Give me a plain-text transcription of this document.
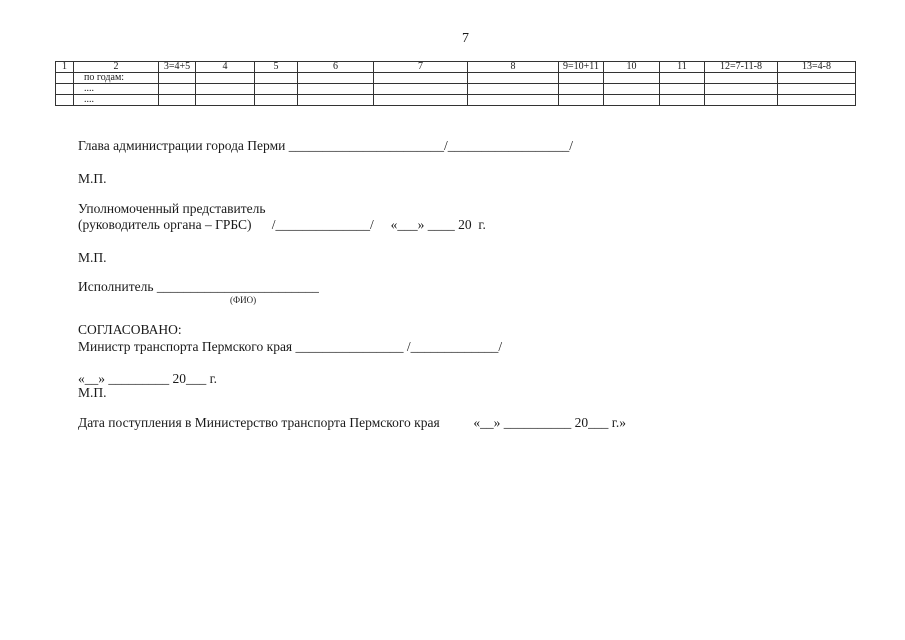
7
1	2	3=4+5	4	5	6	7	8	9=10+11	10	11	12=7-11-8	13=4-8
	по годам:											
	....											
	....											
Глава администрации города Перми _______________________/__________________/
М.П.
Уполномоченный представитель
(руководитель органа – ГРБС)      /______________/     «___» ____ 20  г.
М.П.
Исполнитель ________________________
(ФИО)
СОГЛАСОВАНО:
Министр транспорта Пермского края ________________ /_____________/
«__» _________ 20___ г.
М.П.
Дата поступления в Министерство транспорта Пермского края          «__» __________ 20___ г.»
